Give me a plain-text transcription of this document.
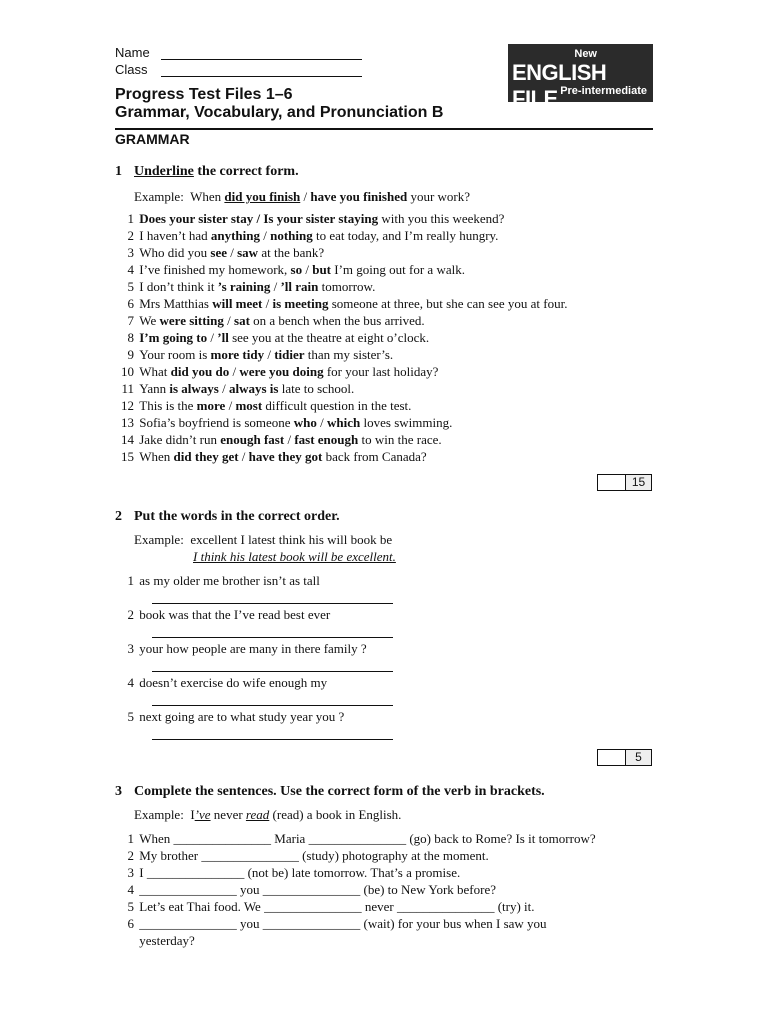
Name
Class
New
ENGLISH FILE Pre-intermediate
Progress Test Files 1–6
Grammar, Vocabulary, and Pronunciation B
GRAMMAR
1 Underline the correct form.
Example: When did you finish / have you finished your work?
1 Does your sister stay / Is your sister staying with you this weekend?
2 I haven’t had anything / nothing to eat today, and I’m really hungry.
3 Who did you see / saw at the bank?
4 I’ve finished my homework, so / but I’m going out for a walk.
5 I don’t think it ’s raining / ’ll rain tomorrow.
6 Mrs Matthias will meet / is meeting someone at three, but she can see you at four.
7 We were sitting / sat on a bench when the bus arrived.
8 I’m going to / ’ll see you at the theatre at eight o’clock.
9 Your room is more tidy / tidier than my sister’s.
10 What did you do / were you doing for your last holiday?
11 Yann is always / always is late to school.
12 This is the more / most difficult question in the test.
13 Sofia’s boyfriend is someone who / which loves swimming.
14 Jake didn’t run enough fast / fast enough to win the race.
15 When did they get / have they got back from Canada?
15
2 Put the words in the correct order.
Example: excellent I latest think his will book be
I think his latest book will be excellent.
1 as my older me brother isn’t as tall
2 book was that the I’ve read best ever
3 your how people are many in there family ?
4 doesn’t exercise do wife enough my
5 next going are to what study year you ?
5
3 Complete the sentences. Use the correct form of the verb in brackets.
Example: I’ve never read (read) a book in English.
1 When _______________ Maria _______________ (go) back to Rome? Is it tomorrow?
2 My brother _______________ (study) photography at the moment.
3 I _______________ (not be) late tomorrow. That’s a promise.
4 _______________ you _______________ (be) to New York before?
5 Let’s eat Thai food. We _______________ never _______________ (try) it.
6 _______________ you _______________ (wait) for your bus when I saw you
yesterday?
